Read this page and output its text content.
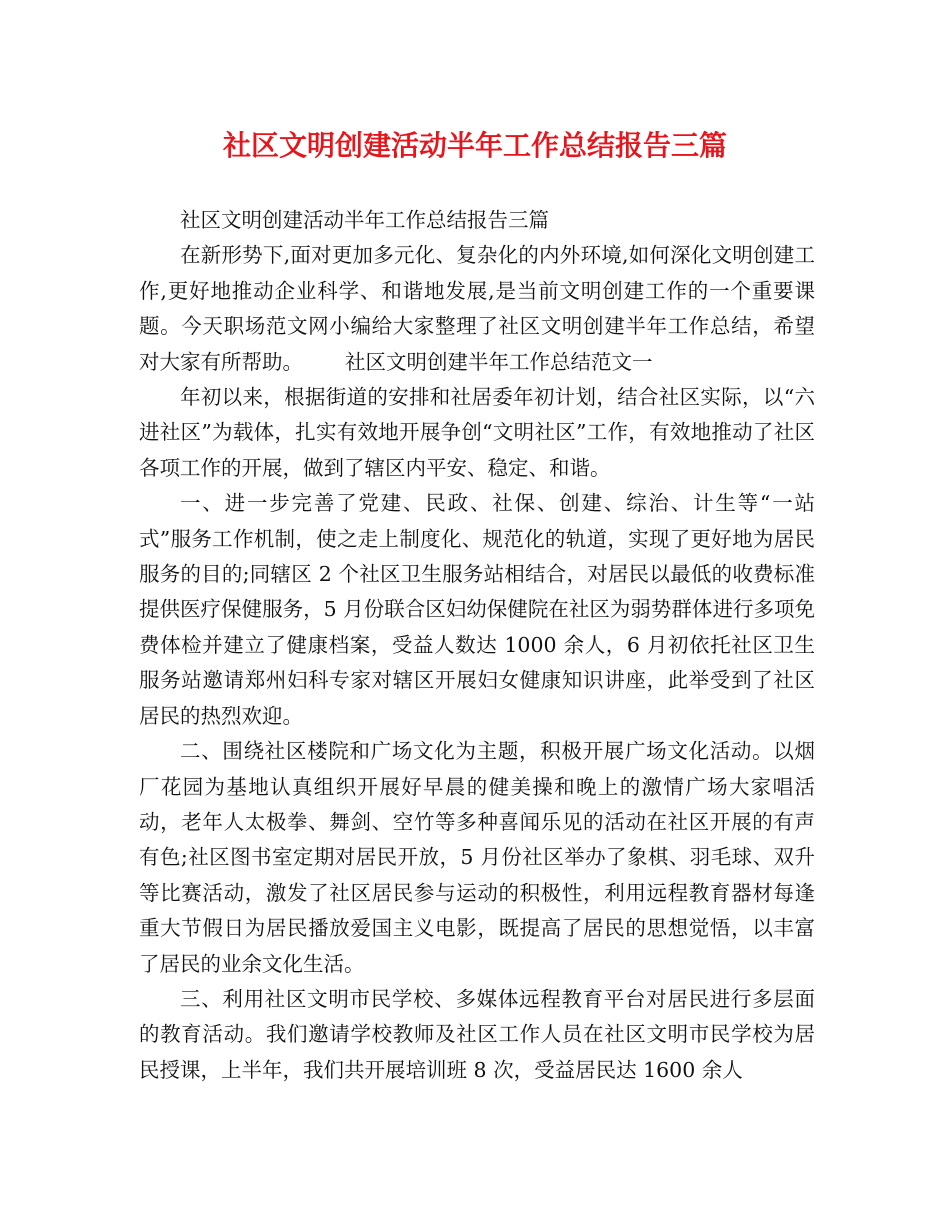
社区文明创建活动半年工作总结报告三篇

社区文明创建活动半年工作总结报告三篇

在新形势下,面对更加多元化、复杂化的内外环境,如何深化文明创建工作,更好地推动企业科学、和谐地发展,是当前文明创建工作的一个重要课题。今天职场范文网小编给大家整理了社区文明创建半年工作总结，希望对大家有所帮助。 社区文明创建半年工作总结范文一

年初以来，根据街道的安排和社居委年初计划，结合社区实际，以“六进社区”为载体，扎实有效地开展争创“文明社区”工作，有效地推动了社区各项工作的开展，做到了辖区内平安、稳定、和谐。

一、进一步完善了党建、民政、社保、创建、综治、计生等“一站式”服务工作机制，使之走上制度化、规范化的轨道，实现了更好地为居民服务的目的;同辖区 2 个社区卫生服务站相结合，对居民以最低的收费标准提供医疗保健服务，5 月份联合区妇幼保健院在社区为弱势群体进行多项免费体检并建立了健康档案，受益人数达 1000 余人，6 月初依托社区卫生服务站邀请郑州妇科专家对辖区开展妇女健康知识讲座，此举受到了社区居民的热烈欢迎。

二、围绕社区楼院和广场文化为主题，积极开展广场文化活动。以烟厂花园为基地认真组织开展好早晨的健美操和晚上的激情广场大家唱活动，老年人太极拳、舞剑、空竹等多种喜闻乐见的活动在社区开展的有声有色;社区图书室定期对居民开放，5 月份社区举办了象棋、羽毛球、双升等比赛活动，激发了社区居民参与运动的积极性，利用远程教育器材每逢重大节假日为居民播放爱国主义电影，既提高了居民的思想觉悟，以丰富了居民的业余文化生活。

三、利用社区文明市民学校、多媒体远程教育平台对居民进行多层面的教育活动。我们邀请学校教师及社区工作人员在社区文明市民学校为居民授课，上半年，我们共开展培训班 8 次，受益居民达 1600 余人
